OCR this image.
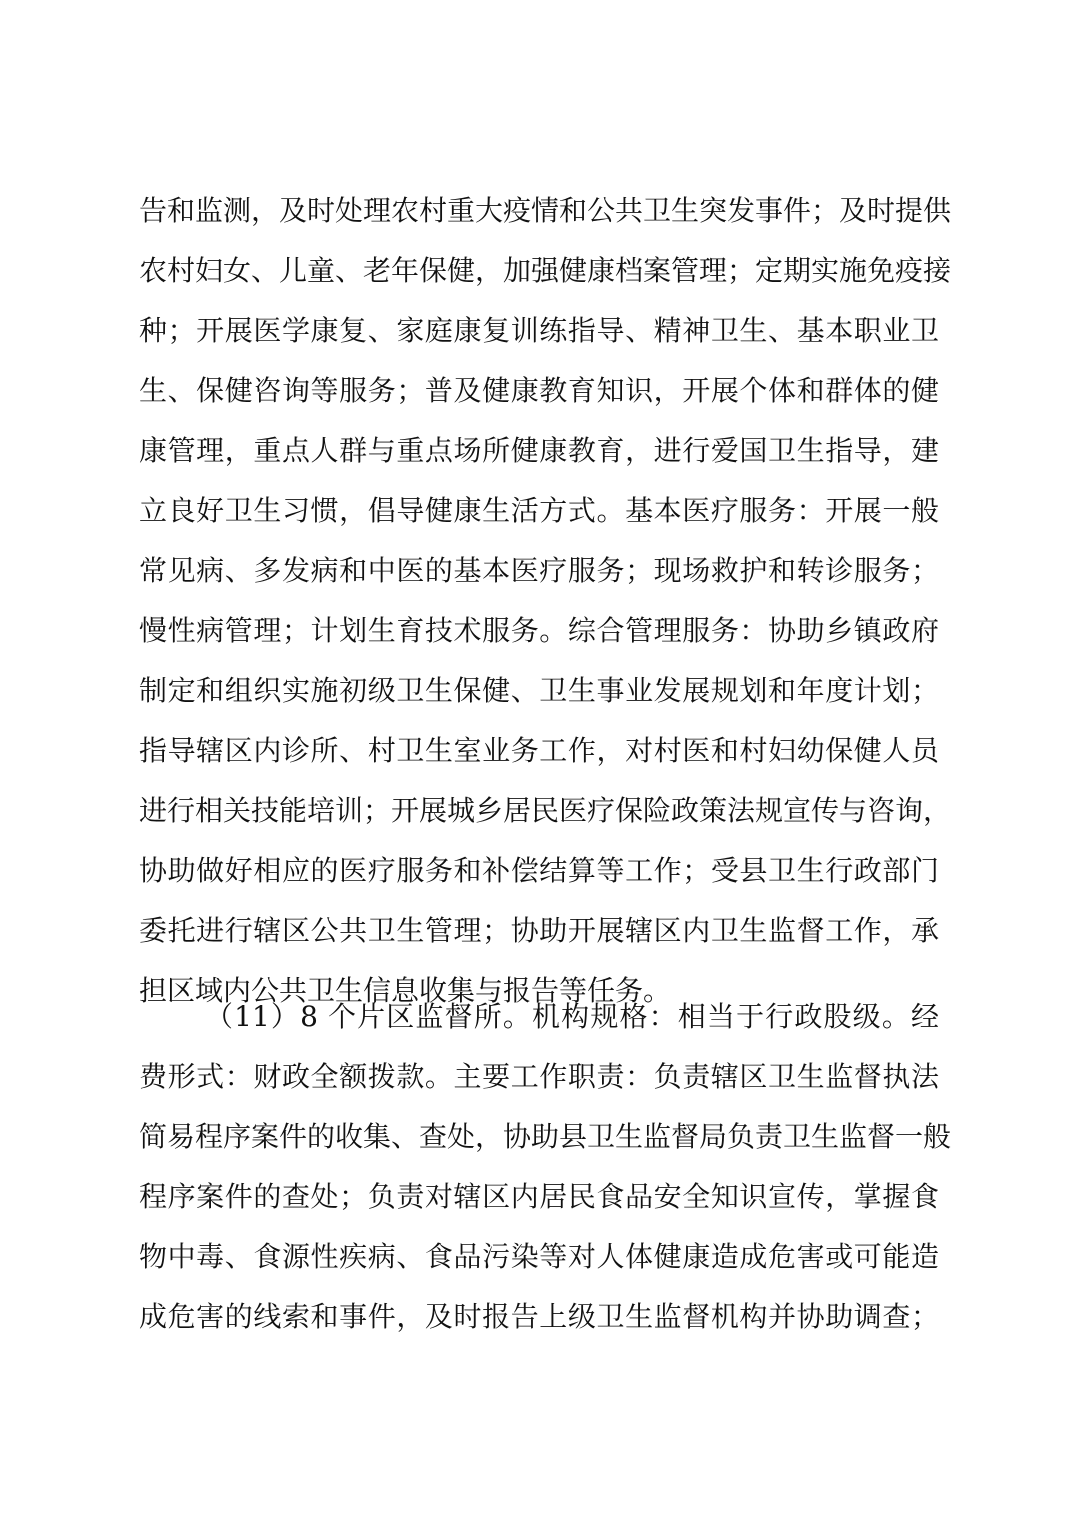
告和监测，及时处理农村重大疫情和公共卫生突发事件；及时提供
农村妇女、儿童、老年保健，加强健康档案管理；定期实施免疫接
种；开展医学康复、家庭康复训练指导、精神卫生、基本职业卫
生、保健咨询等服务；普及健康教育知识，开展个体和群体的健
康管理，重点人群与重点场所健康教育，进行爱国卫生指导，建
立良好卫生习惯，倡导健康生活方式。基本医疗服务：开展一般
常见病、多发病和中医的基本医疗服务；现场救护和转诊服务；
慢性病管理；计划生育技术服务。综合管理服务：协助乡镇政府
制定和组织实施初级卫生保健、卫生事业发展规划和年度计划；
指导辖区内诊所、村卫生室业务工作，对村医和村妇幼保健人员
进行相关技能培训；开展城乡居民医疗保险政策法规宣传与咨询，
协助做好相应的医疗服务和补偿结算等工作；受县卫生行政部门
委托进行辖区公共卫生管理；协助开展辖区内卫生监督工作，承
担区域内公共卫生信息收集与报告等任务。
（11）8 个片区监督所。机构规格：相当于行政股级。经
费形式：财政全额拨款。主要工作职责：负责辖区卫生监督执法
简易程序案件的收集、查处，协助县卫生监督局负责卫生监督一般
程序案件的查处；负责对辖区内居民食品安全知识宣传，掌握食
物中毒、食源性疾病、食品污染等对人体健康造成危害或可能造
成危害的线索和事件，及时报告上级卫生监督机构并协助调查；
